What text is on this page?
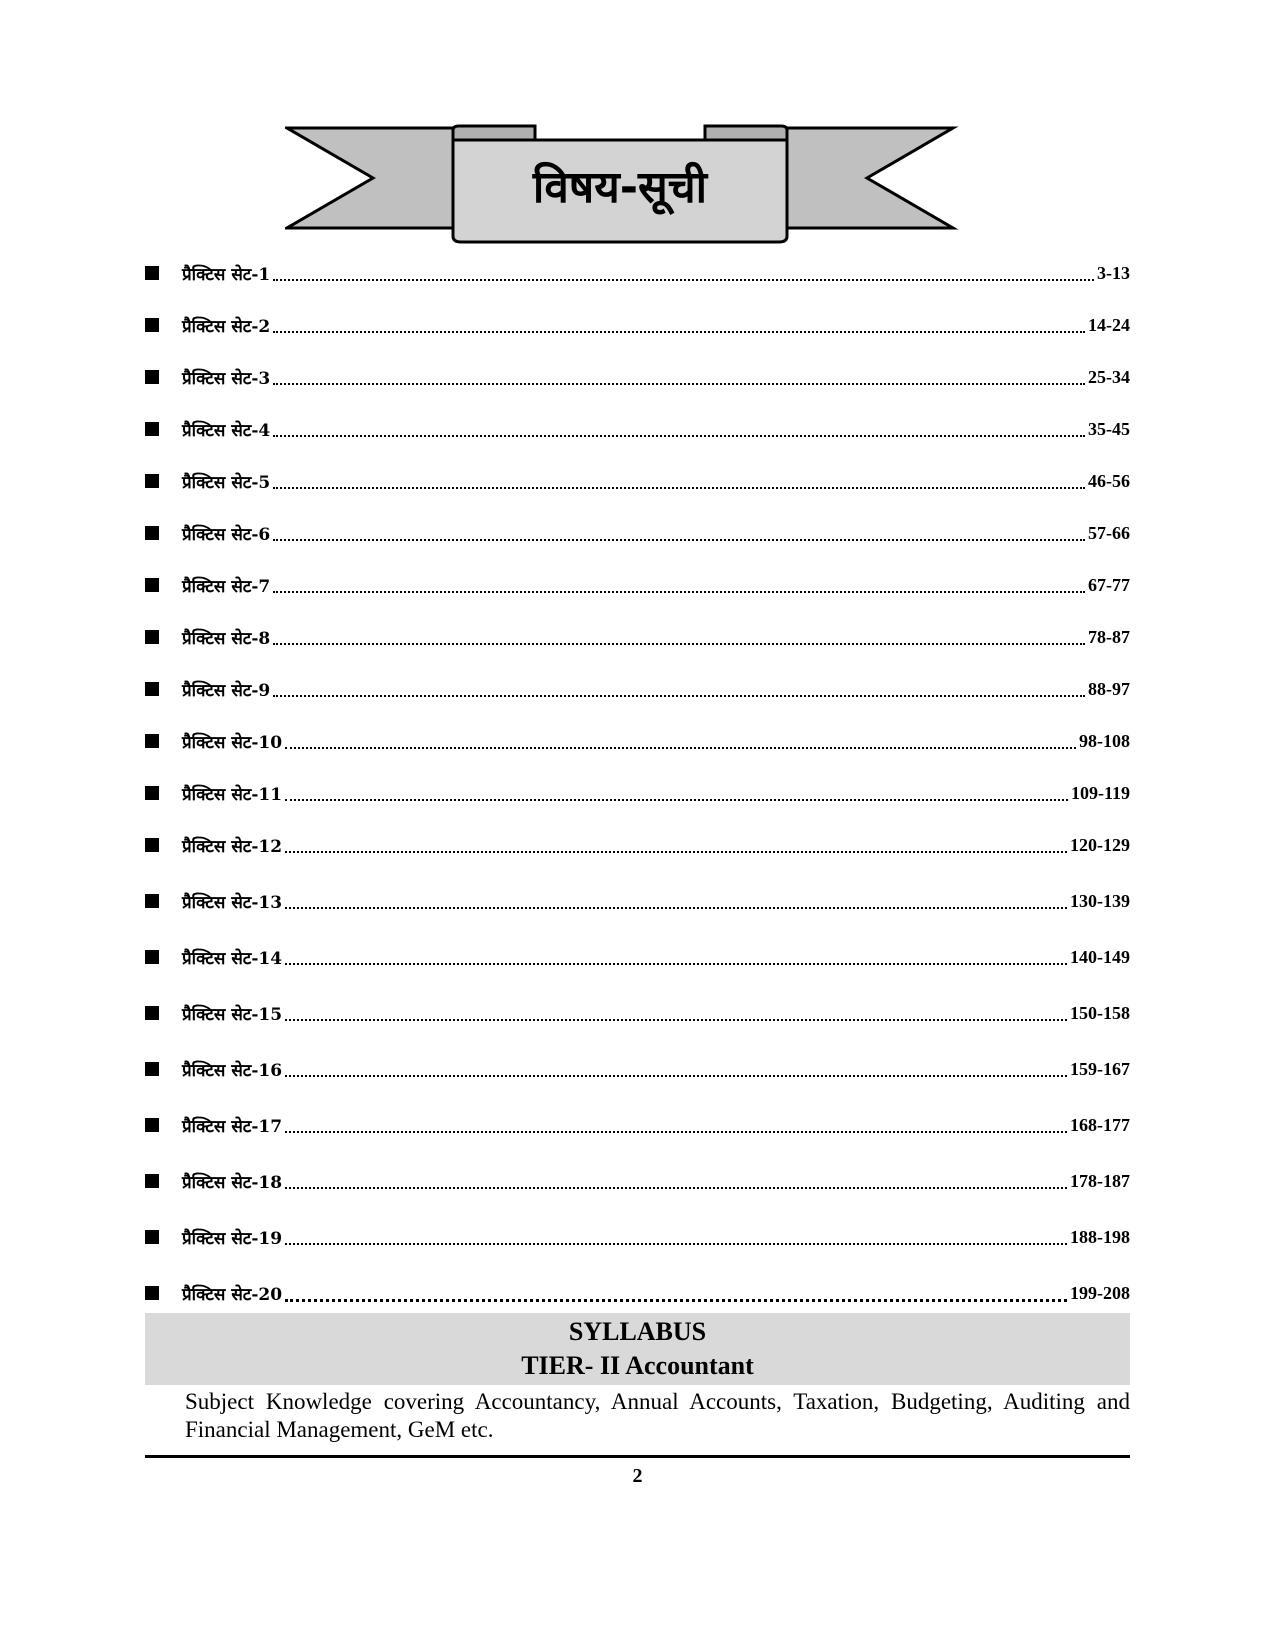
विषय-सूची
प्रैक्टिस सेट-1	3-13
प्रैक्टिस सेट-2	14-24
प्रैक्टिस सेट-3	25-34
प्रैक्टिस सेट-4	35-45
प्रैक्टिस सेट-5	46-56
प्रैक्टिस सेट-6	57-66
प्रैक्टिस सेट-7	67-77
प्रैक्टिस सेट-8	78-87
प्रैक्टिस सेट-9	88-97
प्रैक्टिस सेट-10	98-108
प्रैक्टिस सेट-11	109-119
प्रैक्टिस सेट-12	120-129
प्रैक्टिस सेट-13	130-139
प्रैक्टिस सेट-14	140-149
प्रैक्टिस सेट-15	150-158
प्रैक्टिस सेट-16	159-167
प्रैक्टिस सेट-17	168-177
प्रैक्टिस सेट-18	178-187
प्रैक्टिस सेट-19	188-198
प्रैक्टिस सेट-20	199-208
SYLLABUS
TIER- II Accountant
Subject Knowledge covering Accountancy, Annual Accounts, Taxation, Budgeting, Auditing and Financial Management, GeM etc.
2
